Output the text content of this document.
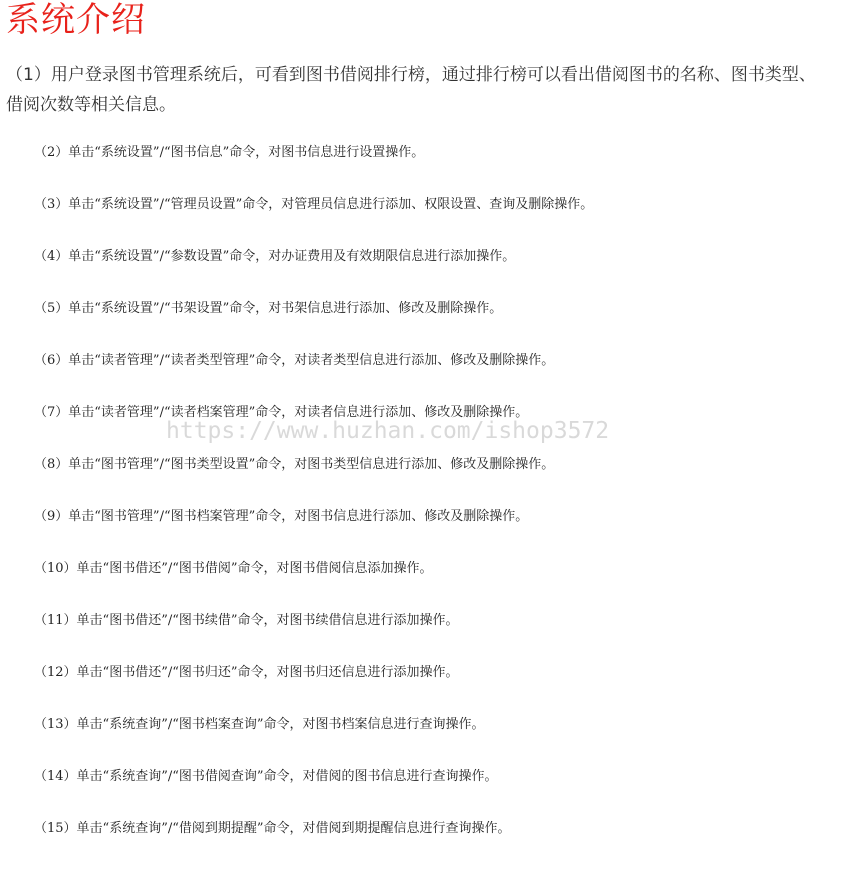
系统介绍

（1）用户登录图书管理系统后，可看到图书借阅排行榜，通过排行榜可以看出借阅图书的名称、图书类型、借阅次数等相关信息。

（2）单击“系统设置”/“图书信息”命令，对图书信息进行设置操作。
（3）单击“系统设置”/“管理员设置”命令，对管理员信息进行添加、权限设置、查询及删除操作。
（4）单击“系统设置”/“参数设置”命令，对办证费用及有效期限信息进行添加操作。
（5）单击“系统设置”/“书架设置”命令，对书架信息进行添加、修改及删除操作。
（6）单击“读者管理”/“读者类型管理”命令，对读者类型信息进行添加、修改及删除操作。
（7）单击“读者管理”/“读者档案管理”命令，对读者信息进行添加、修改及删除操作。
（8）单击“图书管理”/“图书类型设置”命令，对图书类型信息进行添加、修改及删除操作。
（9）单击“图书管理”/“图书档案管理”命令，对图书信息进行添加、修改及删除操作。
（10）单击“图书借还”/“图书借阅”命令，对图书借阅信息添加操作。
（11）单击“图书借还”/“图书续借”命令，对图书续借信息进行添加操作。
（12）单击“图书借还”/“图书归还”命令，对图书归还信息进行添加操作。
（13）单击“系统查询”/“图书档案查询”命令，对图书档案信息进行查询操作。
（14）单击“系统查询”/“图书借阅查询”命令，对借阅的图书信息进行查询操作。
（15）单击“系统查询”/“借阅到期提醒”命令，对借阅到期提醒信息进行查询操作。
https://www.huzhan.com/ishop3572
